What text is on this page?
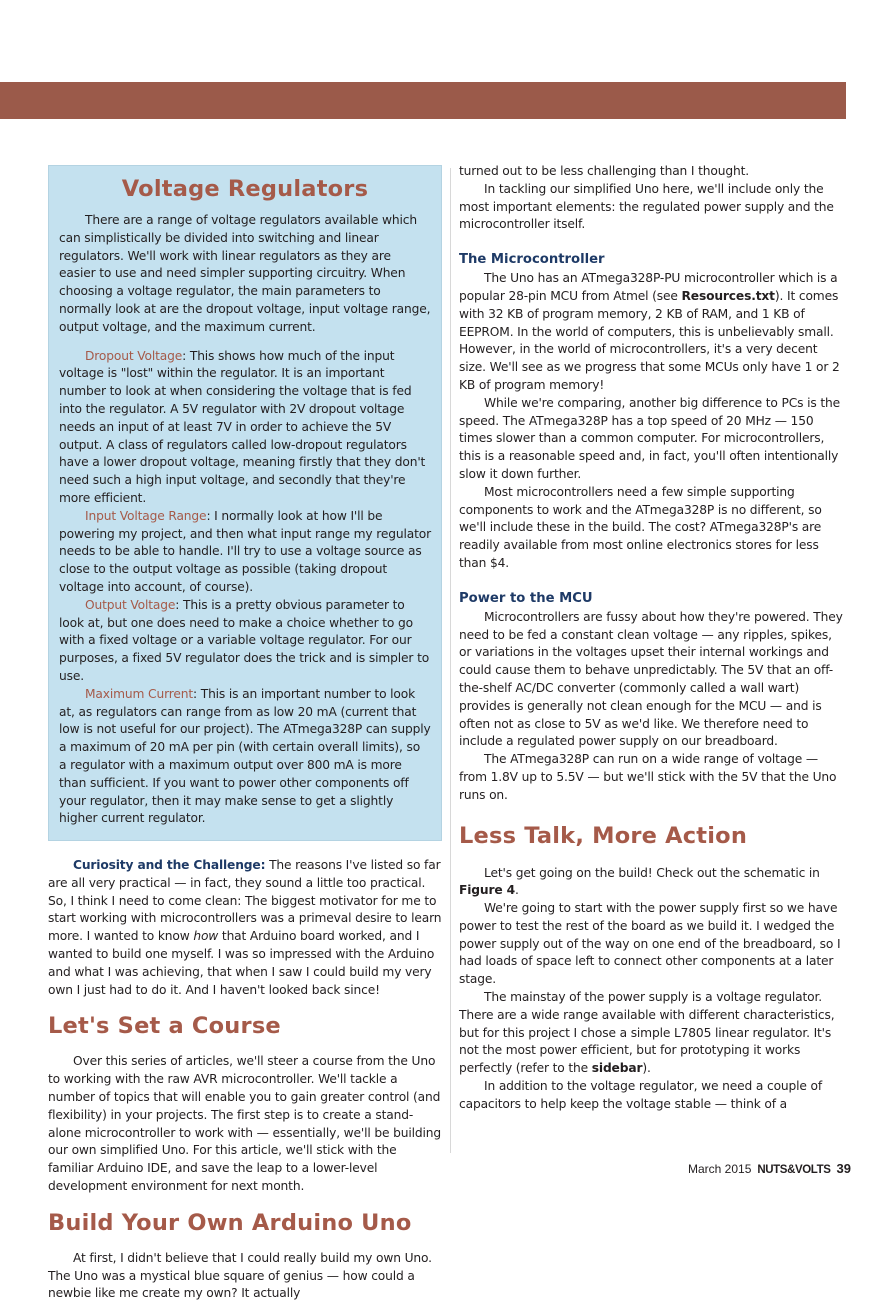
Voltage Regulators

There are a range of voltage regulators available which can simplistically be divided into switching and linear regulators. We'll work with linear regulators as they are easier to use and need simpler supporting circuitry. When choosing a voltage regulator, the main parameters to normally look at are the dropout voltage, input voltage range, output voltage, and the maximum current.

Dropout Voltage: This shows how much of the input voltage is "lost" within the regulator. It is an important number to look at when considering the voltage that is fed into the regulator. A 5V regulator with 2V dropout voltage needs an input of at least 7V in order to achieve the 5V output. A class of regulators called low-dropout regulators have a lower dropout voltage, meaning firstly that they don't need such a high input voltage, and secondly that they're more efficient.

Input Voltage Range: I normally look at how I'll be powering my project, and then what input range my regulator needs to be able to handle. I'll try to use a voltage source as close to the output voltage as possible (taking dropout voltage into account, of course).

Output Voltage: This is a pretty obvious parameter to look at, but one does need to make a choice whether to go with a fixed voltage or a variable voltage regulator. For our purposes, a fixed 5V regulator does the trick and is simpler to use.

Maximum Current: This is an important number to look at, as regulators can range from as low 20 mA (current that low is not useful for our project). The ATmega328P can supply a maximum of 20 mA per pin (with certain overall limits), so a regulator with a maximum output over 800 mA is more than sufficient. If you want to power other components off your regulator, then it may make sense to get a slightly higher current regulator.

Curiosity and the Challenge: The reasons I've listed so far are all very practical — in fact, they sound a little too practical. So, I think I need to come clean: The biggest motivator for me to start working with microcontrollers was a primeval desire to learn more. I wanted to know how that Arduino board worked, and I wanted to build one myself. I was so impressed with the Arduino and what I was achieving, that when I saw I could build my very own I just had to do it. And I haven't looked back since!

Let's Set a Course

Over this series of articles, we'll steer a course from the Uno to working with the raw AVR microcontroller. We'll tackle a number of topics that will enable you to gain greater control (and flexibility) in your projects. The first step is to create a stand-alone microcontroller to work with — essentially, we'll be building our own simplified Uno. For this article, we'll stick with the familiar Arduino IDE, and save the leap to a lower-level development environment for next month.

Build Your Own Arduino Uno

At first, I didn't believe that I could really build my own Uno. The Uno was a mystical blue square of genius — how could a newbie like me create my own? It actually

turned out to be less challenging than I thought.

In tackling our simplified Uno here, we'll include only the most important elements: the regulated power supply and the microcontroller itself.

The Microcontroller

The Uno has an ATmega328P-PU microcontroller which is a popular 28-pin MCU from Atmel (see Resources.txt). It comes with 32 KB of program memory, 2 KB of RAM, and 1 KB of EEPROM. In the world of computers, this is unbelievably small. However, in the world of microcontrollers, it's a very decent size. We'll see as we progress that some MCUs only have 1 or 2 KB of program memory!

While we're comparing, another big difference to PCs is the speed. The ATmega328P has a top speed of 20 MHz — 150 times slower than a common computer. For microcontrollers, this is a reasonable speed and, in fact, you'll often intentionally slow it down further.

Most microcontrollers need a few simple supporting components to work and the ATmega328P is no different, so we'll include these in the build. The cost? ATmega328P's are readily available from most online electronics stores for less than $4.

Power to the MCU

Microcontrollers are fussy about how they're powered. They need to be fed a constant clean voltage — any ripples, spikes, or variations in the voltages upset their internal workings and could cause them to behave unpredictably. The 5V that an off-the-shelf AC/DC converter (commonly called a wall wart) provides is generally not clean enough for the MCU — and is often not as close to 5V as we'd like. We therefore need to include a regulated power supply on our breadboard.

The ATmega328P can run on a wide range of voltage — from 1.8V up to 5.5V — but we'll stick with the 5V that the Uno runs on.

Less Talk, More Action

Let's get going on the build! Check out the schematic in Figure 4.

We're going to start with the power supply first so we have power to test the rest of the board as we build it. I wedged the power supply out of the way on one end of the breadboard, so I had loads of space left to connect other components at a later stage.

The mainstay of the power supply is a voltage regulator. There are a wide range available with different characteristics, but for this project I chose a simple L7805 linear regulator. It's not the most power efficient, but for prototyping it works perfectly (refer to the sidebar).

In addition to the voltage regulator, we need a couple of capacitors to help keep the voltage stable — think of a

March 2015 NUTS&VOLTS 39
